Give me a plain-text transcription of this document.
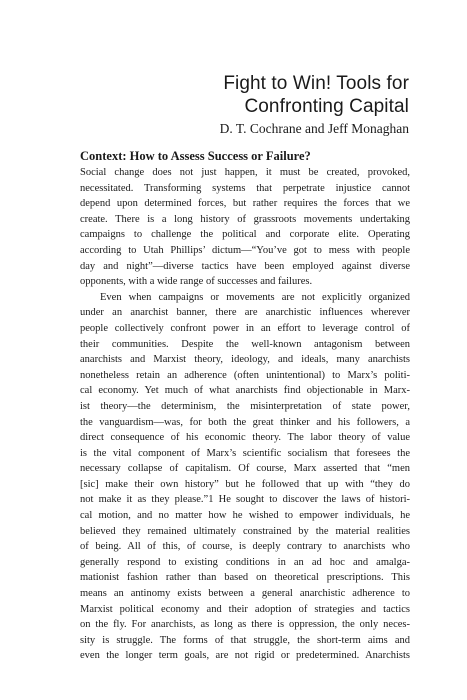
Fight to Win! Tools for
Confronting Capital
D. T. Cochrane and Jeff Monaghan
Context: How to Assess Success or Failure?
Social change does not just happen, it must be created, provoked,
necessitated. Transforming systems that perpetrate injustice cannot
depend upon determined forces, but rather requires the forces that we
create. There is a long history of grassroots movements undertaking
campaigns to challenge the political and corporate elite. Operating
according to Utah Phillips’ dictum—“You’ve got to mess with people
day and night”—diverse tactics have been employed against diverse
opponents, with a wide range of successes and failures.
Even when campaigns or movements are not explicitly organized
under an anarchist banner, there are anarchistic influences wherever
people collectively confront power in an effort to leverage control of
their communities. Despite the well-known antagonism between
anarchists and Marxist theory, ideology, and ideals, many anarchists
nonetheless retain an adherence (often unintentional) to Marx’s politi-
cal economy. Yet much of what anarchists find objectionable in Marx-
ist theory—the determinism, the misinterpretation of state power,
the vanguardism—was, for both the great thinker and his followers, a
direct consequence of his economic theory. The labor theory of value
is the vital component of Marx’s scientific socialism that foresees the
necessary collapse of capitalism. Of course, Marx asserted that “men
[sic] make their own history” but he followed that up with “they do
not make it as they please.”1 He sought to discover the laws of histori-
cal motion, and no matter how he wished to empower individuals, he
believed they remained ultimately constrained by the material realities
of being. All of this, of course, is deeply contrary to anarchists who
generally respond to existing conditions in an ad hoc and amalga-
mationist fashion rather than based on theoretical prescriptions. This
means an antinomy exists between a general anarchistic adherence to
Marxist political economy and their adoption of strategies and tactics
on the fly. For anarchists, as long as there is oppression, the only neces-
sity is struggle. The forms of that struggle, the short-term aims and
even the longer term goals, are not rigid or predetermined. Anarchists
